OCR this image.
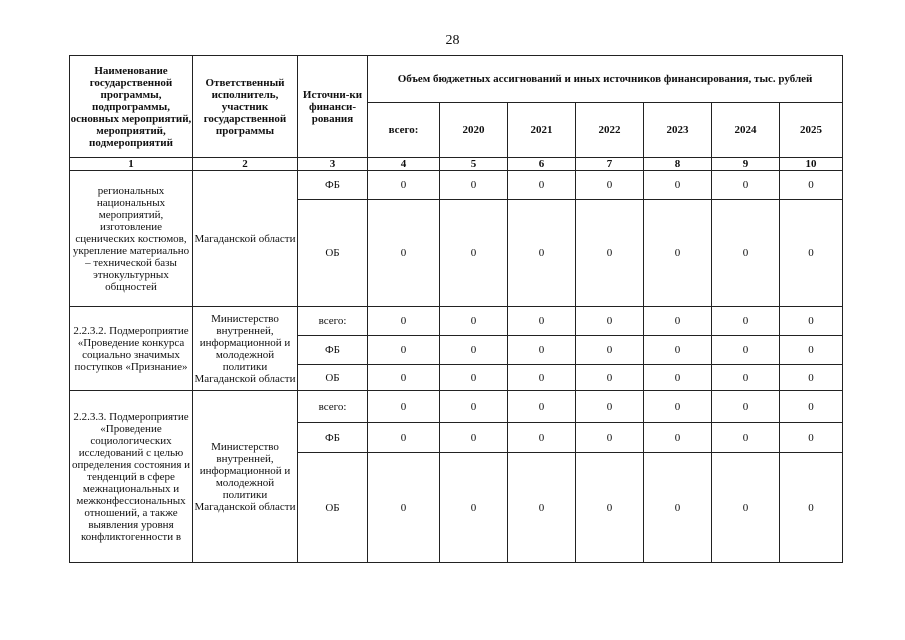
28
Наименование государственной программы, подпрограммы, основных мероприятий, мероприятий, подмероприятий	Ответственный исполнитель, участник государственной программы	Источни-ки финанси-рования	Объем бюджетных ассигнований и иных источников финансирования, тыс. рублей						
			всего:	2020	2021	2022	2023	2024	2025
1	2	3	4	5	6	7	8	9	10
региональных национальных мероприятий, изготовление сценических костюмов, укрепление материально – технической базы этнокультурных общностей	Магаданской области	ФБ	0	0	0	0	0	0	0
		ОБ	0	0	0	0	0	0	0
2.2.3.2. Подмероприятие «Проведение конкурса социально значимых поступков «Признание»	Министерство внутренней, информационной и молодежной политики Магаданской области	всего:	0	0	0	0	0	0	0
		ФБ	0	0	0	0	0	0	0
		ОБ	0	0	0	0	0	0	0
2.2.3.3. Подмероприятие «Проведение социологических исследований с целью определения состояния и тенденций в сфере межнациональных и межконфессиональных отношений, а также выявления уровня конфликтогенности в	Министерство внутренней, информационной и молодежной политики Магаданской области	всего:	0	0	0	0	0	0	0
		ФБ	0	0	0	0	0	0	0
		ОБ	0	0	0	0	0	0	0
